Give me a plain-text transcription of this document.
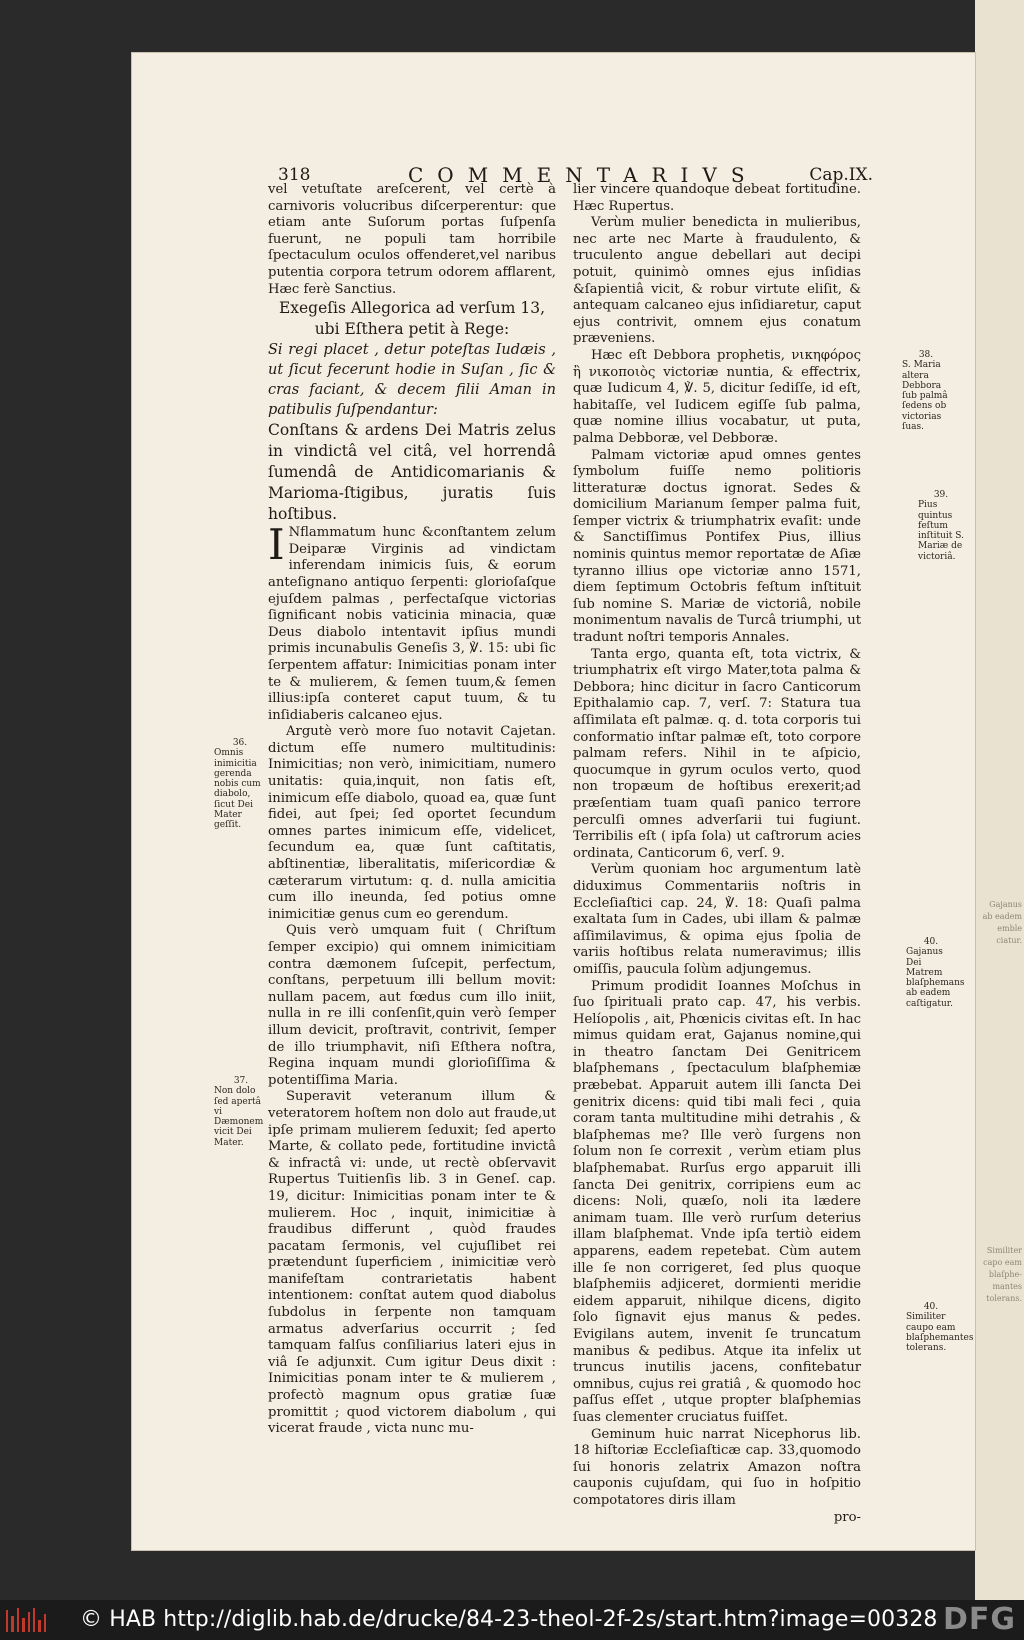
Gajanus
ab eadem
emble
ciatur.
Similiter
capo eam
blaſphe-
mantes
tolerans.
318	COMMENTARIVS	Cap.IX.

vel vetuſtate areſcerent, vel certè à carnivoris volucribus diſcerperentur: que etiam ante Suſorum portas ſuſpenſa fuerunt, ne populi tam horribile ſpectaculum oculos offenderet,vel naribus putentia corpora tetrum odorem afflarent, Hæc ferè Sanctius.

Exegeſis Allegorica ad verſum 13, ubi Eſthera petit à Rege:

Si regi placet , detur poteſtas Iudæis , ut ſicut fecerunt hodie in Suſan , ſic & cras faciant, & decem filii Aman in patibulis ſuſpendantur:

Conſtans & ardens Dei Matris zelus in vindictâ vel citâ, vel horrendâ ſumendâ de Antidicomarianis & Marioma-ſtigibus, juratis ſuis hoſtibus.

I Nflammatum hunc &conſtantem zelum Deiparæ Virginis ad vindictam inferendam inimicis ſuis, & eorum anteſignano antiquo ſerpenti: glorioſaſque ejuſdem palmas , perfectaſque victorias ſignificant nobis vaticinia minacia, quæ Deus diabolo intentavit ipſius mundi primis incunabulis Geneſis 3, ℣. 15: ubi ſic ſerpentem affatur: Inimicitias ponam inter te & mulierem, & ſemen tuum,& ſemen illius:ipſa conteret caput tuum, & tu inſidiaberis calcaneo ejus.

Argutè verò more ſuo notavit Cajetan. dictum eſſe numero multitudinis: Inimicitias; non verò, inimicitiam, numero unitatis: quia,inquit, non ſatis eſt, inimicum eſſe diabolo, quoad ea, quæ ſunt fidei, aut ſpei; ſed oportet ſecundum omnes partes inimicum eſſe, videlicet, ſecundum ea, quæ ſunt caſtitatis, abſtinentiæ, liberalitatis, miſericordiæ & cæterarum virtutum: q. d. nulla amicitia cum illo ineunda, ſed potius omne inimicitiæ genus cum eo gerendum.

Quis verò umquam fuit ( Chriſtum ſemper excipio) qui omnem inimicitiam contra dæmonem ſuſcepit, perfectum, conſtans, perpetuum illi bellum movit: nullam pacem, aut fœdus cum illo iniit, nulla in re illi conſenſit,quin verò ſemper illum devicit, proſtravit, contrivit, ſemper de illo triumphavit, niſi Eſthera noſtra, Regina inquam mundi glorioſiſſima & potentiſſima Maria.

Superavit veteranum illum & veteratorem hoſtem non dolo aut fraude,ut ipſe primam mulierem ſeduxit; ſed aperto Marte, & collato pede, fortitudine invictâ & infractâ vi: unde, ut rectè obſervavit Rupertus Tuitienſis lib. 3 in Geneſ. cap. 19, dicitur: Inimicitias ponam inter te & mulierem. Hoc , inquit, inimicitiæ à fraudibus differunt , quòd fraudes pacatam ſermonis, vel cujuſlibet rei prætendunt ſuperficiem , inimicitiæ verò manifeſtam contrarietatis habent intentionem: conſtat autem quod diabolus ſubdolus in ſerpente non tamquam armatus adverſarius occurrit ; ſed tamquam falſus conſiliarius lateri ejus in viâ ſe adjunxit. Cum igitur Deus dixit : Inimicitias ponam inter te & mulierem , profectò magnum opus gratiæ ſuæ promittit ; quod victorem diabolum , qui vicerat fraude , victa nunc mu-

lier vincere quandoque debeat fortitudine. Hæc Rupertus.

Verùm mulier benedicta in mulieribus, nec arte nec Marte à fraudulento, & truculento angue debellari aut decipi potuit, quinimò omnes ejus inſidias &ſapientiâ vicit, & robur virtute eliſit, & antequam calcaneo ejus inſidiaretur, caput ejus contrivit, omnem ejus conatum præveniens.

Hæc eſt Debbora prophetis, νικηφόρος ἢ νικοποιὸς victoriæ nuntia, & effectrix, quæ Iudicum 4, ℣. 5, dicitur ſediſſe, id eſt, habitaſſe, vel Iudicem egiſſe ſub palma, quæ nomine illius vocabatur, ut puta, palma Debboræ, vel Debboræ.

Palmam victoriæ apud omnes gentes ſymbolum fuiſſe nemo politioris litteraturæ doctus ignorat. Sedes & domicilium Marianum ſemper palma fuit, ſemper victrix & triumphatrix evaſit: unde & Sanctiſſimus Pontifex Pius, illius nominis quintus memor reportatæ de Aſiæ tyranno illius ope victoriæ anno 1571, diem ſeptimum Octobris feſtum inſtituit ſub nomine S. Mariæ de victoriâ, nobile monimentum navalis de Turcâ triumphi, ut tradunt noſtri temporis Annales.

Tanta ergo, quanta eſt, tota victrix, & triumphatrix eſt virgo Mater,tota palma & Debbora; hinc dicitur in ſacro Canticorum Epithalamio cap. 7, verſ. 7: Statura tua aſſimilata eſt palmæ. q. d. tota corporis tui conformatio inſtar palmæ eſt, toto corpore palmam refers. Nihil in te aſpicio, quocumque in gyrum oculos verto, quod non tropæum de hoſtibus erexerit;ad præſentiam tuam quaſi panico terrore perculſi omnes adverſarii tui fugiunt. Terribilis eſt ( ipſa ſola) ut caſtrorum acies ordinata, Canticorum 6, verſ. 9.

Verùm quoniam hoc argumentum latè diduximus Commentariis noſtris in Eccleſiaſtici cap. 24, ℣. 18: Quaſi palma exaltata ſum in Cades, ubi illam & palmæ aſſimilavimus, & opima ejus ſpolia de variis hoſtibus relata numeravimus; illis omiſſis, paucula ſolùm adjungemus.

Primum prodidit Ioannes Moſchus in ſuo ſpirituali prato cap. 47, his verbis. Helíopolis , ait, Phœnicis civitas eſt. In hac mimus quidam erat, Gajanus nomine,qui in theatro ſanctam Dei Genitricem blaſphemans , ſpectaculum blaſphemiæ præbebat. Apparuit autem illi ſancta Dei genitrix dicens: quid tibi mali feci , quia coram tanta multitudine mihi detrahis , & blaſphemas me? Ille verò ſurgens non ſolum non ſe correxit , verùm etiam plus blaſphemabat. Rurſus ergo apparuit illi ſancta Dei genitrix, corripiens eum ac dicens: Noli, quæſo, noli ita lædere animam tuam. Ille verò rurſum deterius illam blaſphemat. Vnde ipſa tertiò eidem apparens, eadem repetebat. Cùm autem ille ſe non corrigeret, ſed plus quoque blaſphemiis adjiceret, dormienti meridie eidem apparuit, nihilque dicens, digito ſolo ſignavit ejus manus & pedes. Evigilans autem, invenit ſe truncatum manibus & pedibus. Atque ita infelix ut truncus inutilis jacens, confitebatur omnibus, cujus rei gratiâ , & quomodo hoc paſſus eſſet , utque propter blaſphemias ſuas clementer cruciatus fuiſſet.

Geminum huic narrat Nicephorus lib. 18 hiſtoriæ Eccleſiaſticæ cap. 33,quomodo ſui honoris zelatrix Amazon noſtra cauponis cujuſdam, qui ſuo in hoſpitio compotatores diris illam

pro-

36.
Omnis inimicitia gerenda nobis cum diabolo, ſicut Dei Mater geſſit.
37.
Non dolo ſed apertâ vi Dæmonem vicit Dei Mater.
38.
S. Maria altera Debbora ſub palmâ ſedens ob victorias ſuas.
39.
Pius quintus feſtum inſtituit S. Mariæ de victoriâ.
40.
Gajanus Dei Matrem blaſphemans ab eadem caſtigatur.
40.
Similiter caupo eam blaſphemantes tolerans.
© HAB http://diglib.hab.de/drucke/84-23-theol-2f-2s/start.htm?image=00328 DFG
